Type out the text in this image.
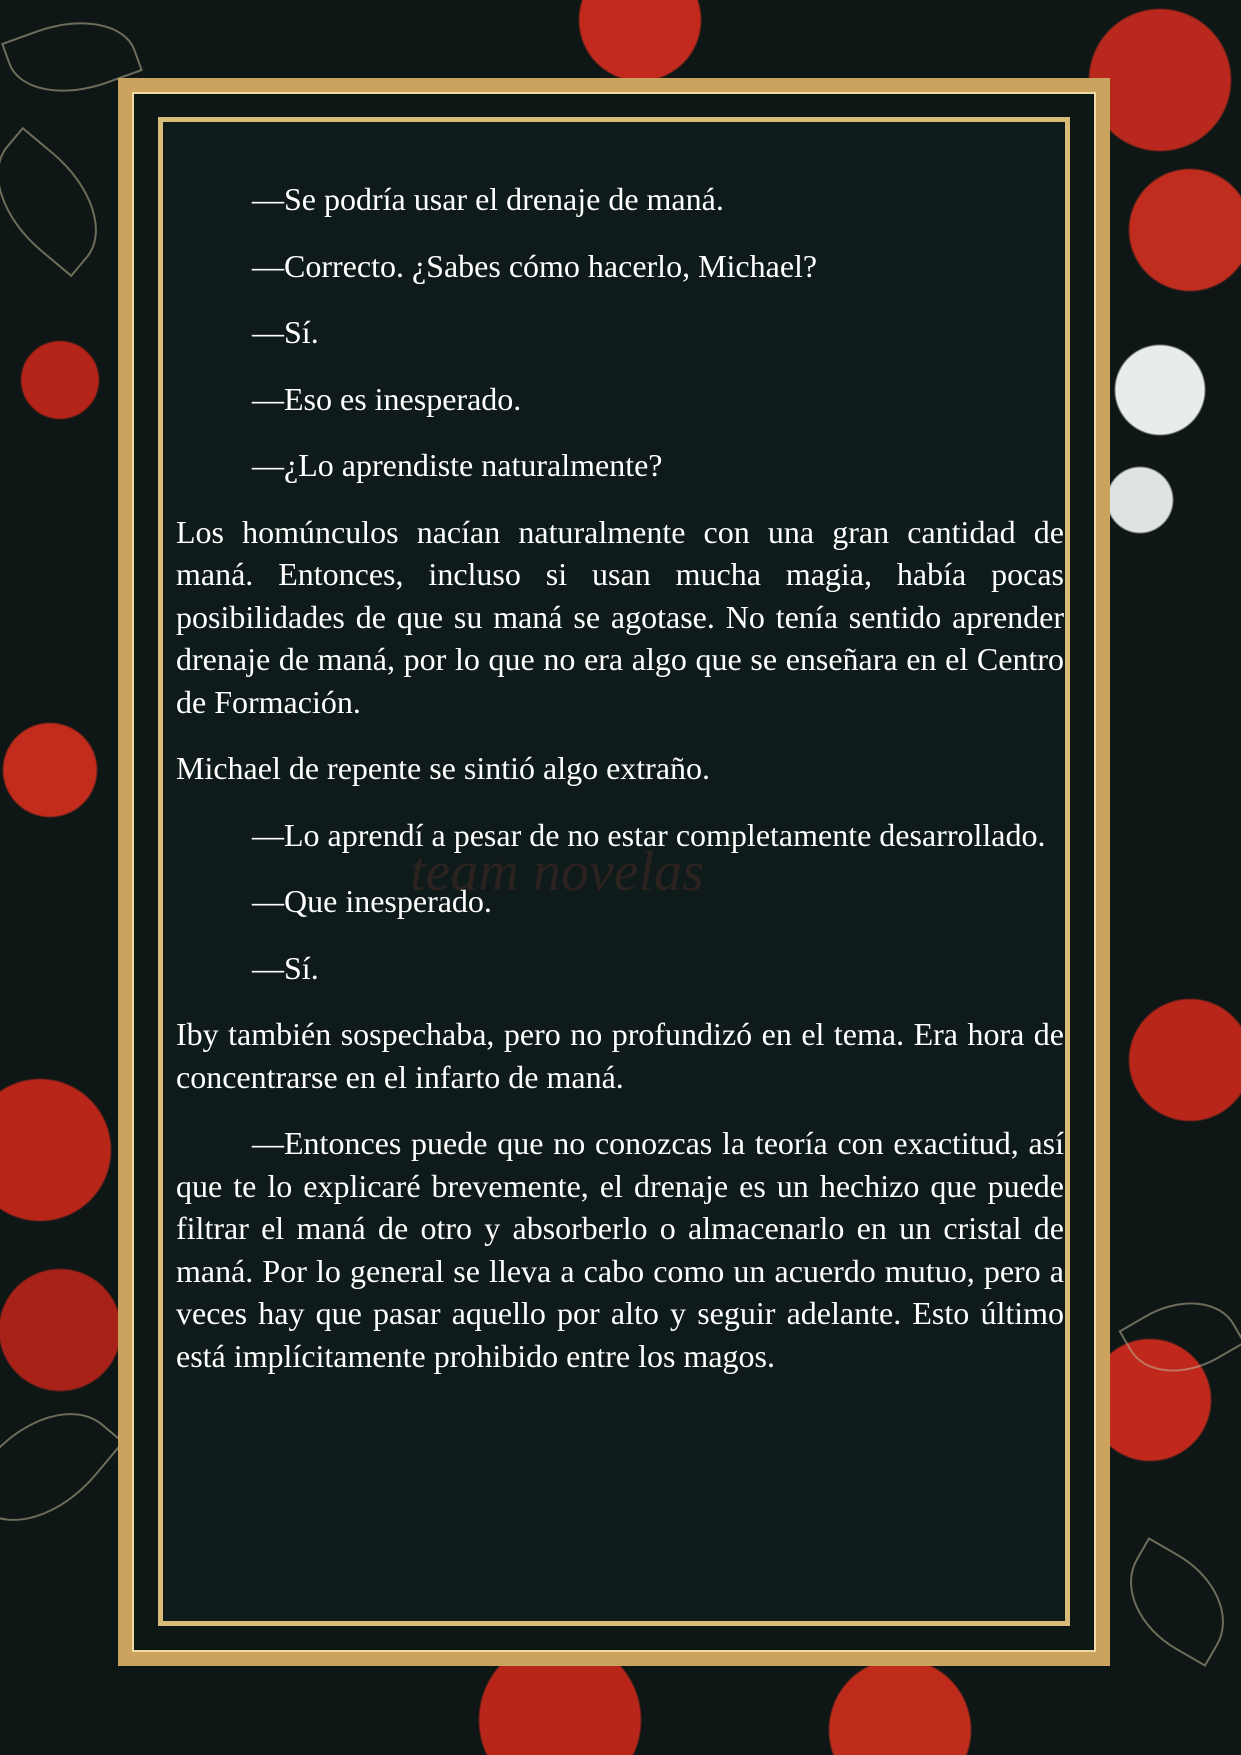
team novelas

—Se podría usar el drenaje de maná.

—Correcto. ¿Sabes cómo hacerlo, Michael?

—Sí.

—Eso es inesperado.

—¿Lo aprendiste naturalmente?

Los homúnculos nacían naturalmente con una gran cantidad de maná. Entonces, incluso si usan mucha magia, había pocas posibilidades de que su maná se agotase. No tenía sentido aprender drenaje de maná, por lo que no era algo que se enseñara en el Centro de Formación.

Michael de repente se sintió algo extraño.

—Lo aprendí a pesar de no estar completamente desarrollado.

—Que inesperado.

—Sí.

Iby también sospechaba, pero no profundizó en el tema. Era hora de concentrarse en el infarto de maná.

—Entonces puede que no conozcas la teoría con exactitud, así que te lo explicaré brevemente, el drenaje es un hechizo que puede filtrar el maná de otro y absorberlo o almacenarlo en un cristal de maná. Por lo general se lleva a cabo como un acuerdo mutuo, pero a veces hay que pasar aquello por alto y seguir adelante. Esto último está implícitamente prohibido entre los magos.
